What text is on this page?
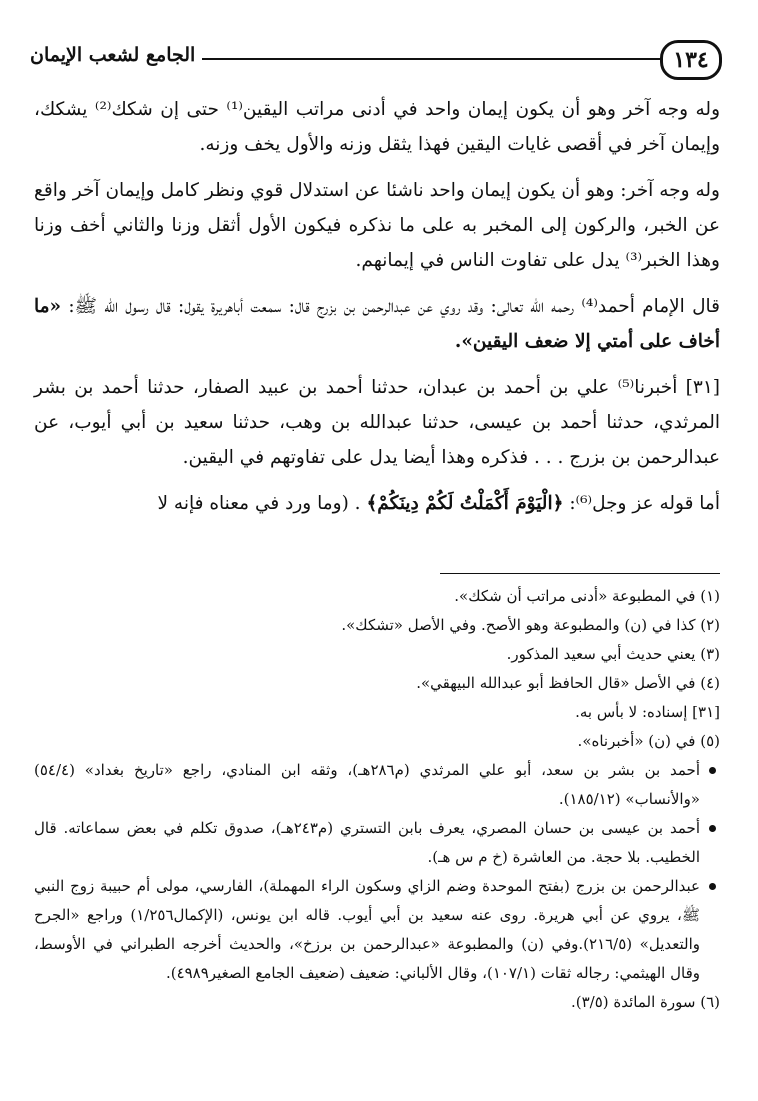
١٣٤
الجامع لشعب الإيمان

وله وجه آخر وهو أن يكون إيمان واحد في أدنى مراتب اليقين⁽¹⁾ حتى إن شكك⁽²⁾ يشكك، وإيمان آخر في أقصى غايات اليقين فهذا يثقل وزنه والأول يخف وزنه.

وله وجه آخر: وهو أن يكون إيمان واحد ناشئا عن استدلال قوي ونظر كامل وإيمان آخر واقع عن الخبر، والركون إلى المخبر به على ما نذكره فيكون الأول أثقل وزنا والثاني أخف وزنا وهذا الخبر⁽³⁾ يدل على تفاوت الناس في إيمانهم.

قال الإمام أحمد⁽⁴⁾ رحمه الله تعالى: وقد روي عن عبدالرحمن بن بزرج قال: سمعت أباهريرة يقول: قال رسول الله ﷺ: «ما أخاف على أمتي إلا ضعف اليقين».

[٣١] أخبرنا⁽⁵⁾ علي بن أحمد بن عبدان، حدثنا أحمد بن عبيد الصفار، حدثنا أحمد بن بشر المرثدي، حدثنا أحمد بن عيسى، حدثنا عبدالله بن وهب، حدثنا سعيد بن أبي أيوب، عن عبدالرحمن بن بزرج . . . فذكره وهذا أيضا يدل على تفاوتهم في اليقين.

أما قوله عز وجل⁽⁶⁾: ﴿الْيَوْمَ أَكْمَلْتُ لَكُمْ دِينَكُمْ﴾ . (وما ورد في معناه فإنه لا

(١) في المطبوعة «أدنى مراتب أن شكك».

(٢) كذا في (ن) والمطبوعة وهو الأصح. وفي الأصل «تشكك».

(٣) يعني حديث أبي سعيد المذكور.

(٤) في الأصل «قال الحافظ أبو عبدالله البيهقي».

[٣١] إسناده: لا بأس به.

(٥) في (ن) «أخبرناه».

أحمد بن بشر بن سعد، أبو علي المرثدي (م٢٨٦هـ)، وثقه ابن المنادي، راجع «تاريخ بغداد» (٥٤/٤) «والأنساب» (١٨٥/١٢).
أحمد بن عيسى بن حسان المصري، يعرف بابن التستري (م٢٤٣هـ)، صدوق تكلم في بعض سماعاته. قال الخطيب. بلا حجة. من العاشرة (خ م س هـ).
عبدالرحمن بن بزرج (بفتح الموحدة وضم الزاي وسكون الراء المهملة)، الفارسي، مولى أم حبيبة زوج النبي ﷺ، يروي عن أبي هريرة. روى عنه سعيد بن أبي أيوب. قاله ابن يونس، (الإكمال١/٢٥٦) وراجع «الجرح والتعديل» (٢١٦/٥).وفي (ن) والمطبوعة «عبدالرحمن بن برزخ»، والحديث أخرجه الطبراني في الأوسط، وقال الهيثمي: رجاله ثقات (١٠٧/١)، وقال الألباني: ضعيف (ضعيف الجامع الصغير٤٩٨٩).

(٦) سورة المائدة (٣/٥).
